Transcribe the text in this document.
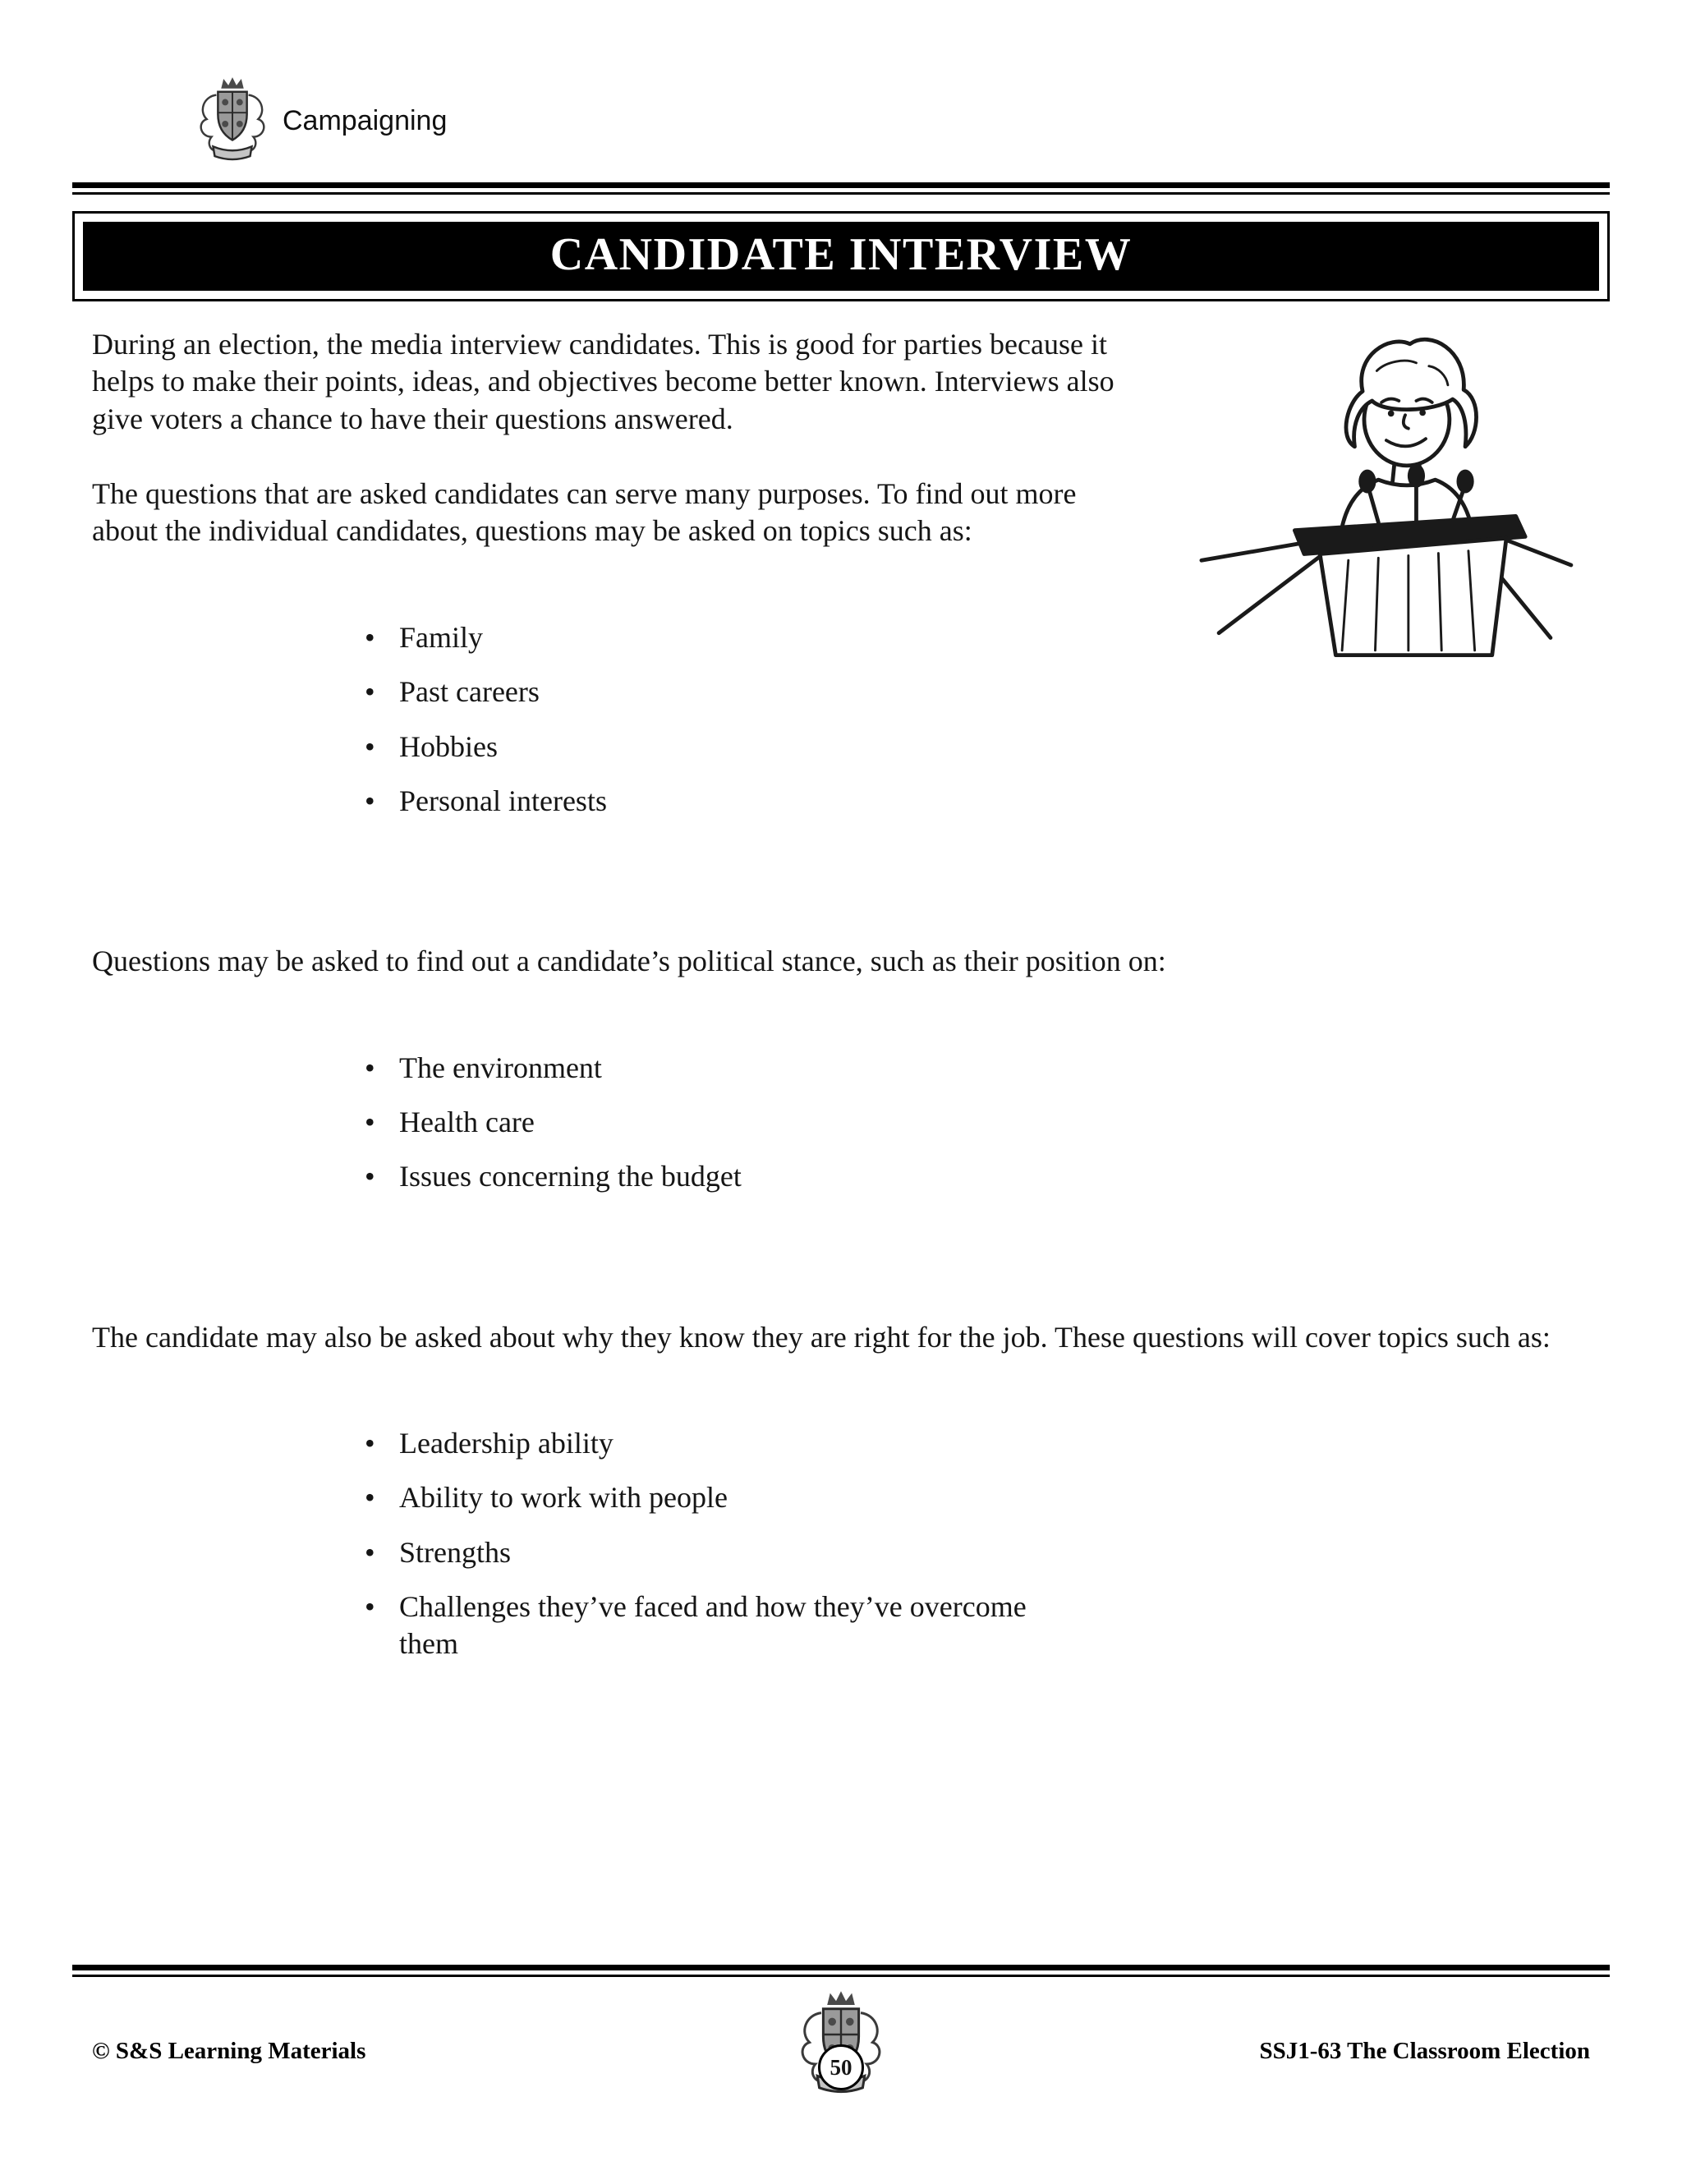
Campaigning
CANDIDATE INTERVIEW

During an election, the media interview candidates. This is good for parties because it helps to make their points, ideas, and objectives become better known. Interviews also give voters a chance to have their questions answered.

The questions that are asked candidates can serve many purposes. To find out more about the individual candidates, questions may be asked on topics such as:

• Family
• Past careers
• Hobbies
• Personal interests

Questions may be asked to find out a candidate’s political stance, such as their position on:

• The environment
• Health care
• Issues concerning the budget

The candidate may also be asked about why they know they are right for the job. These questions will cover topics such as:

• Leadership ability
• Ability to work with people
• Strengths
• Challenges they’ve faced and how they’ve overcome them
© S&S Learning Materials
50
SSJ1-63 The Classroom Election
